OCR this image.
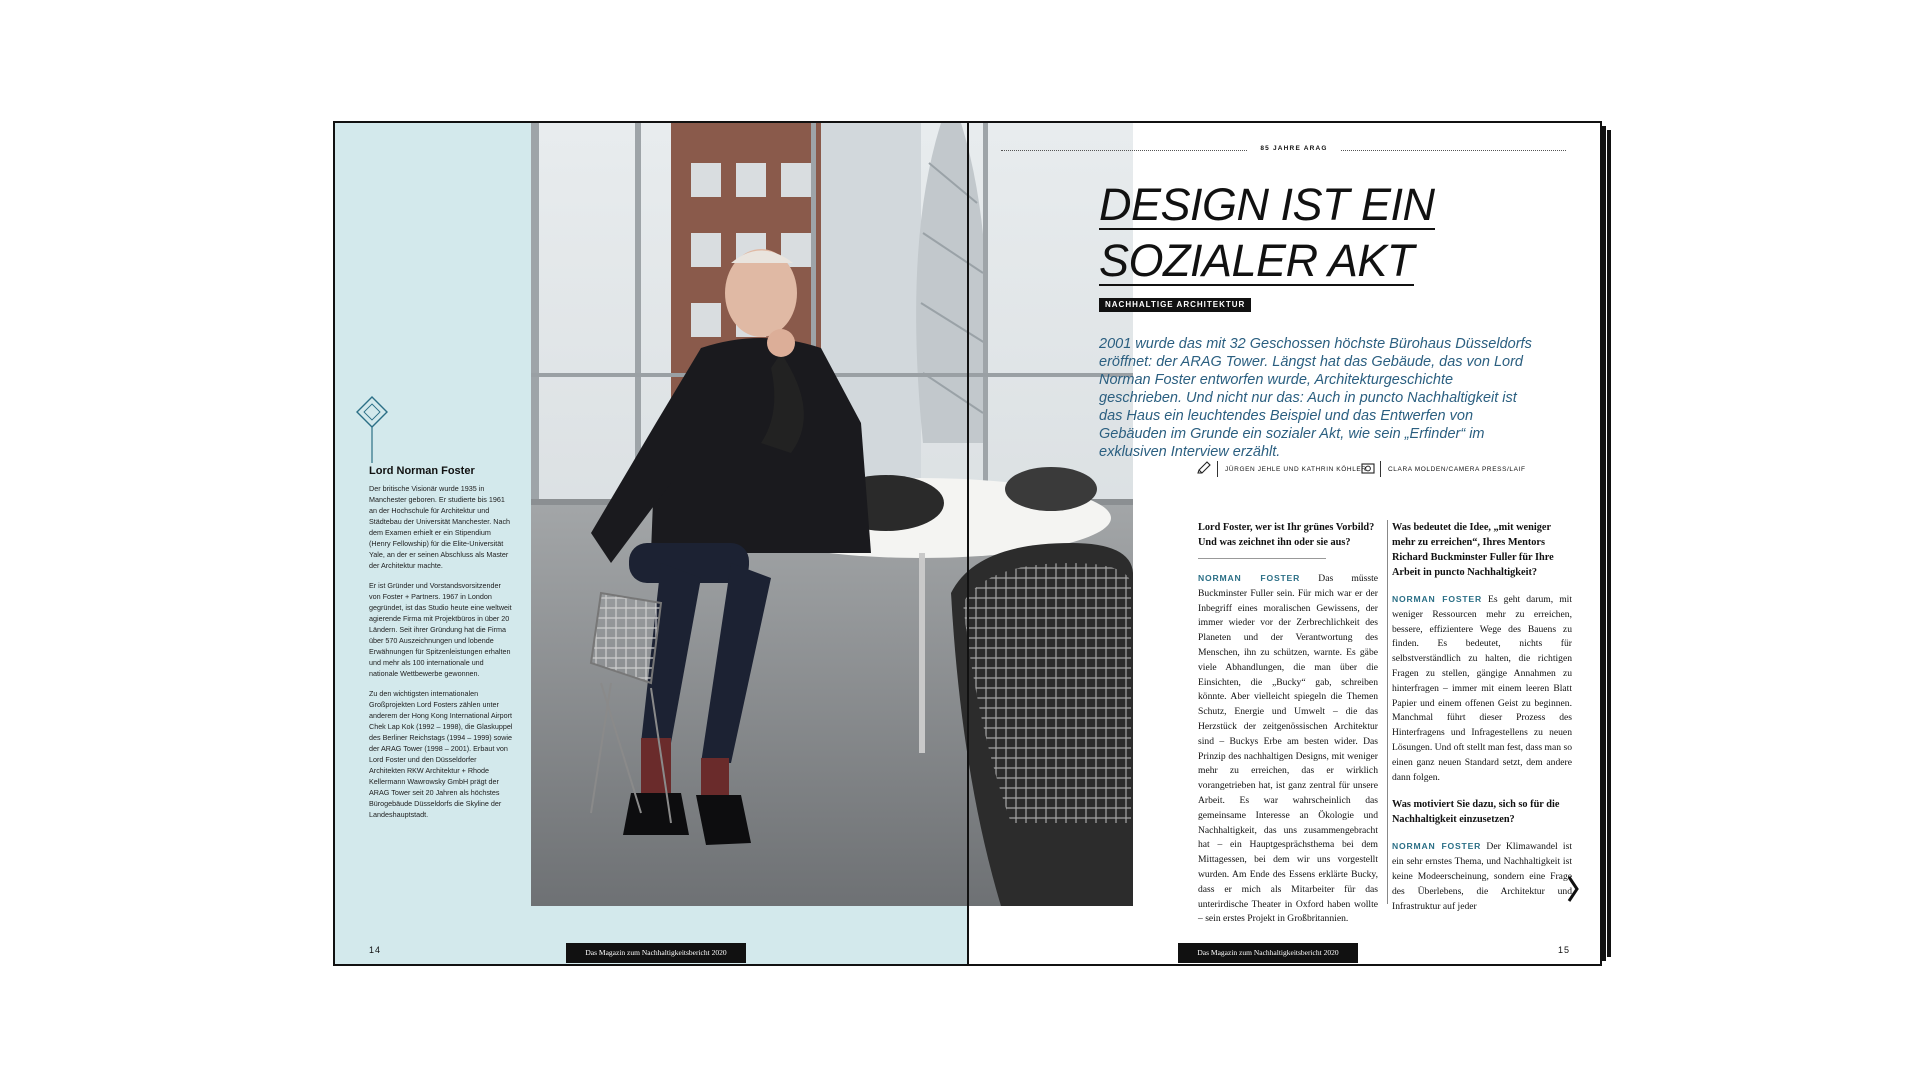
Lord Norman Foster

Der britische Visionär wurde 1935 in Manchester geboren. Er studierte bis 1961 an der Hochschule für Architektur und Städtebau der Universität Manchester. Nach dem Examen erhielt er ein Stipendium (Henry Fellowship) für die Elite-Universität Yale, an der er seinen Abschluss als Master der Architektur machte.

Er ist Gründer und Vorstandsvorsitzender von Foster + Partners. 1967 in London gegründet, ist das Studio heute eine weltweit agierende Firma mit Projektbüros in über 20 Ländern. Seit ihrer Gründung hat die Firma über 570 Auszeichnungen und lobende Erwähnungen für Spitzenleistungen erhalten und mehr als 100 internationale und nationale Wettbewerbe gewonnen.

Zu den wichtigsten internationalen Großprojekten Lord Fosters zählen unter anderem der Hong Kong International Airport Chek Lap Kok (1992 – 1998), die Glaskuppel des Berliner Reichstags (1994 – 1999) sowie der ARAG Tower (1998 – 2001). Erbaut von Lord Foster und den Düsseldorfer Architekten RKW Architektur + Rhode Kellermann Wawrowsky GmbH prägt der ARAG Tower seit 20 Jahren als höchstes Bürogebäude Düsseldorfs die Skyline der Landeshauptstadt.

14	Das Magazin zum Nachhaltigkeitsbericht 2020
85 JAHRE ARAG
DESIGN IST EIN
SOZIALER AKT
NACHHALTIGE ARCHITEKTUR

2001 wurde das mit 32 Geschossen höchste Bürohaus Düsseldorfs eröffnet: der ARAG Tower. Längst hat das Gebäude, das von Lord Norman Foster entworfen wurde, Architekturgeschichte geschrieben. Und nicht nur das: Auch in puncto Nachhaltigkeit ist das Haus ein leuchtendes Beispiel und das Entwerfen von Gebäuden im Grunde ein sozialer Akt, wie sein „Erfinder“ im exklusiven Interview erzählt.

JÜRGEN JEHLE UND KATHRIN KÖHLER	CLARA MOLDEN/CAMERA PRESS/LAIF

Lord Foster, wer ist Ihr grünes Vorbild? Und was zeichnet ihn oder sie aus?

NORMAN FOSTER Das müsste Buckminster Fuller sein. Für mich war er der Inbegriff eines moralischen Gewissens, der immer wieder vor der Zerbrechlichkeit des Planeten und der Verantwortung des Menschen, ihn zu schützen, warnte. Es gäbe viele Abhandlungen, die man über die Einsichten, die „Bucky“ gab, schreiben könnte. Aber vielleicht spiegeln die Themen Schutz, Energie und Umwelt – die das Herzstück der zeitgenössischen Architektur sind – Buckys Erbe am besten wider. Das Prinzip des nachhaltigen Designs, mit weniger mehr zu erreichen, das er wirklich vorangetrieben hat, ist ganz zentral für unsere Arbeit. Es war wahrscheinlich das gemeinsame Interesse an Ökologie und Nachhaltigkeit, das uns zusammengebracht hat – ein Hauptgesprächsthema bei dem Mittagessen, bei dem wir uns vorgestellt wurden. Am Ende des Essens erklärte Bucky, dass er mich als Mitarbeiter für das unterirdische Theater in Oxford haben wollte – sein erstes Projekt in Großbritannien.

Was bedeutet die Idee, „mit weniger mehr zu erreichen“, Ihres Mentors Richard Buckminster Fuller für Ihre Arbeit in puncto Nachhaltigkeit?

NORMAN FOSTER Es geht darum, mit weniger Ressourcen mehr zu erreichen, bessere, effizientere Wege des Bauens zu finden. Es bedeutet, nichts für selbstverständlich zu halten, die richtigen Fragen zu stellen, gängige Annahmen zu hinterfragen – immer mit einem leeren Blatt Papier und einem offenen Geist zu beginnen. Manchmal führt dieser Prozess des Hinterfragens und Infragestellens zu neuen Lösungen. Und oft stellt man fest, dass man so einen ganz neuen Standard setzt, dem andere dann folgen.

Was motiviert Sie dazu, sich so für die Nachhaltigkeit einzusetzen?

NORMAN FOSTER Der Klimawandel ist ein sehr ernstes Thema, und Nachhaltigkeit ist keine Modeerscheinung, sondern eine Frage des Überlebens, die Architektur und Infrastruktur auf jeder

Das Magazin zum Nachhaltigkeitsbericht 2020	15
